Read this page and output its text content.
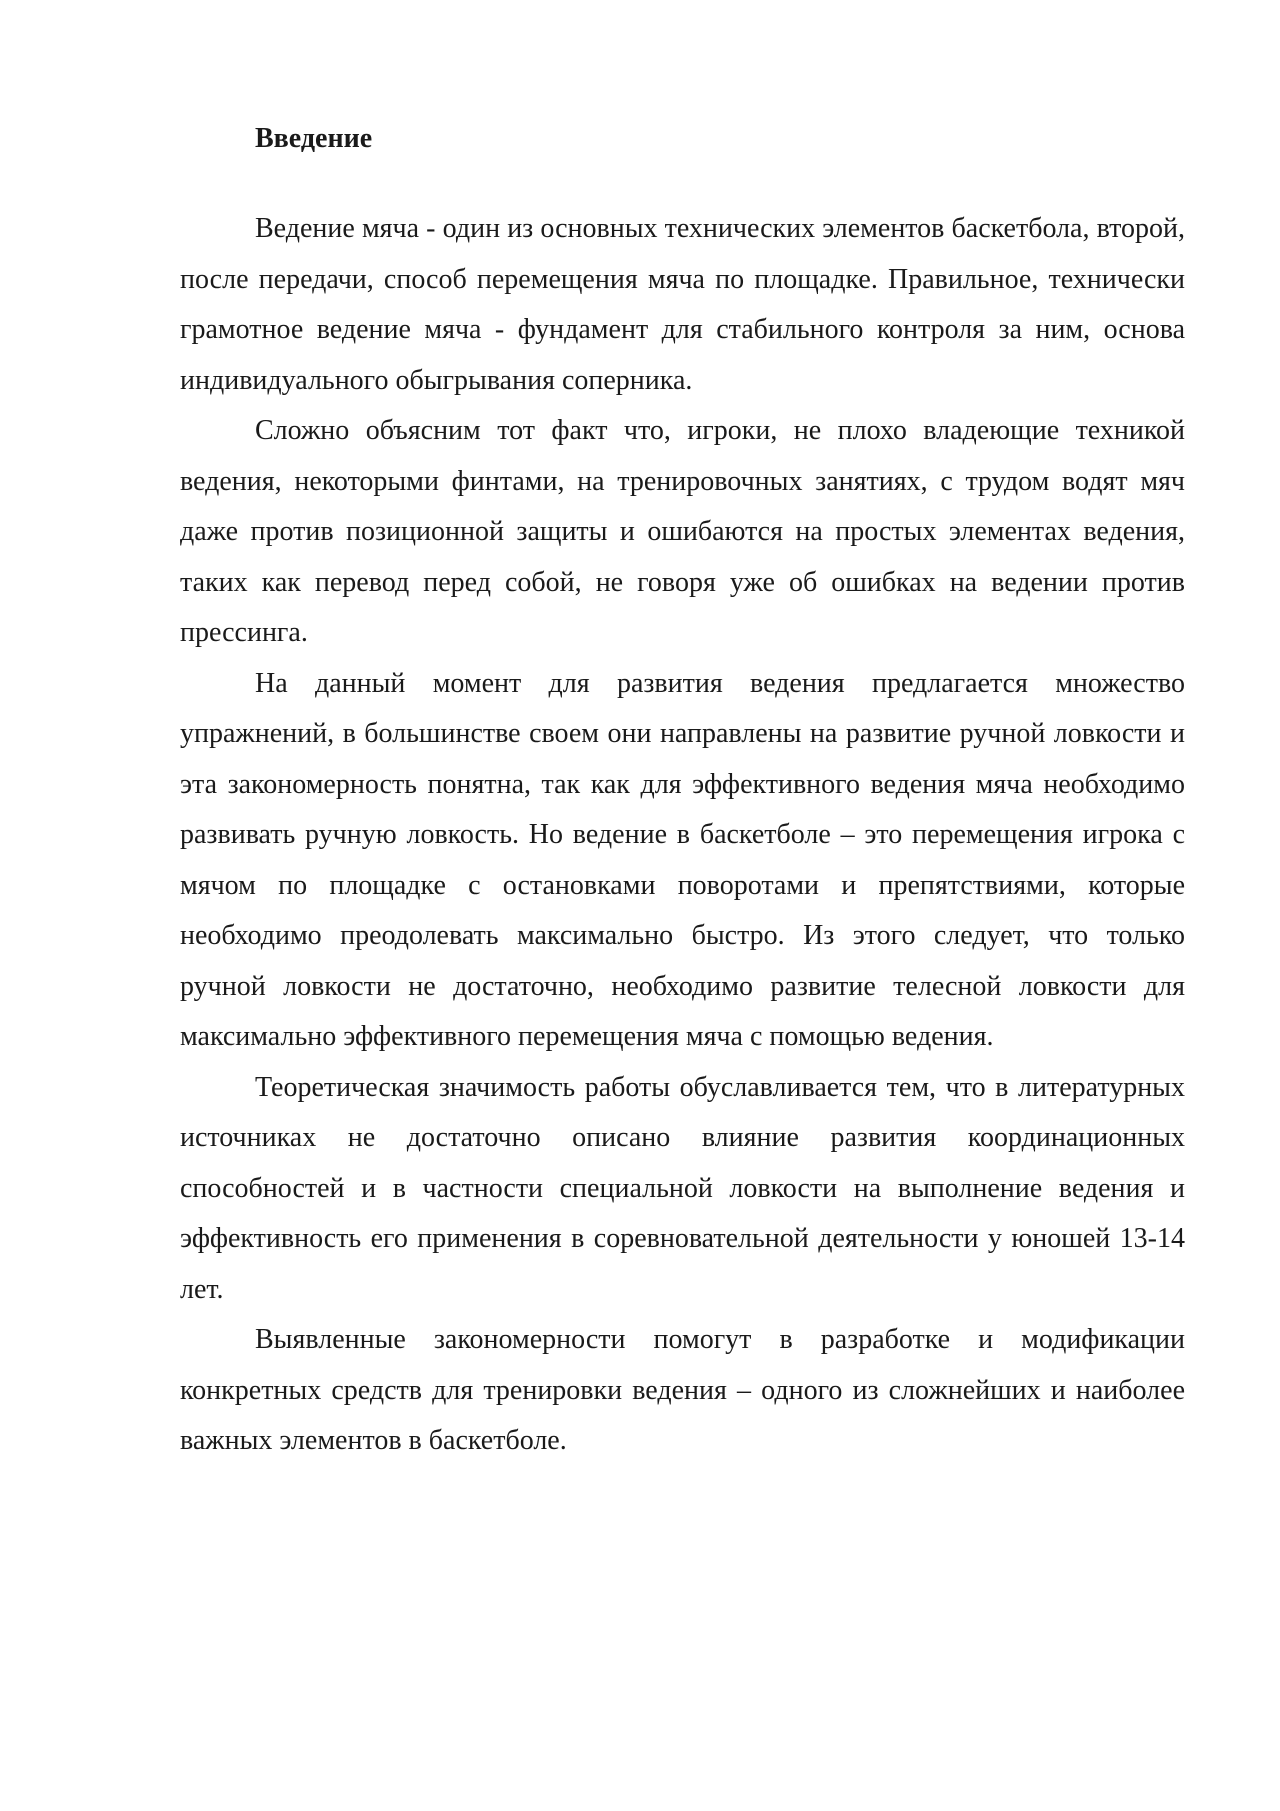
Введение

Ведение мяча - один из основных технических элементов баскетбола, второй, после передачи, способ перемещения мяча по площадке. Правильное, технически грамотное ведение мяча - фундамент для стабильного контроля за ним, основа индивидуального обыгрывания соперника.

Сложно объясним тот факт что, игроки, не плохо владеющие техникой ведения, некоторыми финтами, на тренировочных занятиях, с трудом водят мяч даже против позиционной защиты и ошибаются на простых элементах ведения, таких как перевод перед собой, не говоря уже об ошибках на ведении против прессинга.

На данный момент для развития ведения предлагается множество упражнений, в большинстве своем они направлены на развитие ручной ловкости и эта закономерность понятна, так как для эффективного ведения мяча необходимо развивать ручную ловкость. Но ведение в баскетболе – это перемещения игрока с мячом по площадке с остановками поворотами и препятствиями, которые необходимо преодолевать максимально быстро. Из этого следует, что только ручной ловкости не достаточно, необходимо развитие телесной ловкости для максимально эффективного перемещения мяча с помощью ведения.

Теоретическая значимость работы обуславливается тем, что в литературных источниках не достаточно описано влияние развития координационных способностей и в частности специальной ловкости на выполнение ведения и эффективность его применения в соревновательной деятельности у юношей 13-14 лет.

Выявленные закономерности помогут в разработке и модификации конкретных средств для тренировки ведения – одного из сложнейших и наиболее важных элементов в баскетболе.
